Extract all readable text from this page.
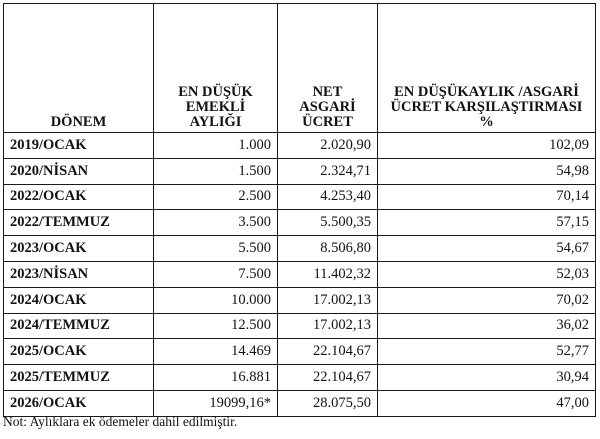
DÖNEM	EN DÜŞÜK EMEKLİ AYLIĞI	NET ASGARİ ÜCRET	EN DÜŞÜKAYLIK /ASGARİ ÜCRET KARŞILAŞTIRMASI %
2019/OCAK	1.000	2.020,90	102,09
2020/NİSAN	1.500	2.324,71	54,98
2022/OCAK	2.500	4.253,40	70,14
2022/TEMMUZ	3.500	5.500,35	57,15
2023/OCAK	5.500	8.506,80	54,67
2023/NİSAN	7.500	11.402,32	52,03
2024/OCAK	10.000	17.002,13	70,02
2024/TEMMUZ	12.500	17.002,13	36,02
2025/OCAK	14.469	22.104,67	52,77
2025/TEMMUZ	16.881	22.104,67	30,94
2026/OCAK	19099,16*	28.075,50	47,00
Not: Aylıklara ek ödemeler dahil edilmiştir.
